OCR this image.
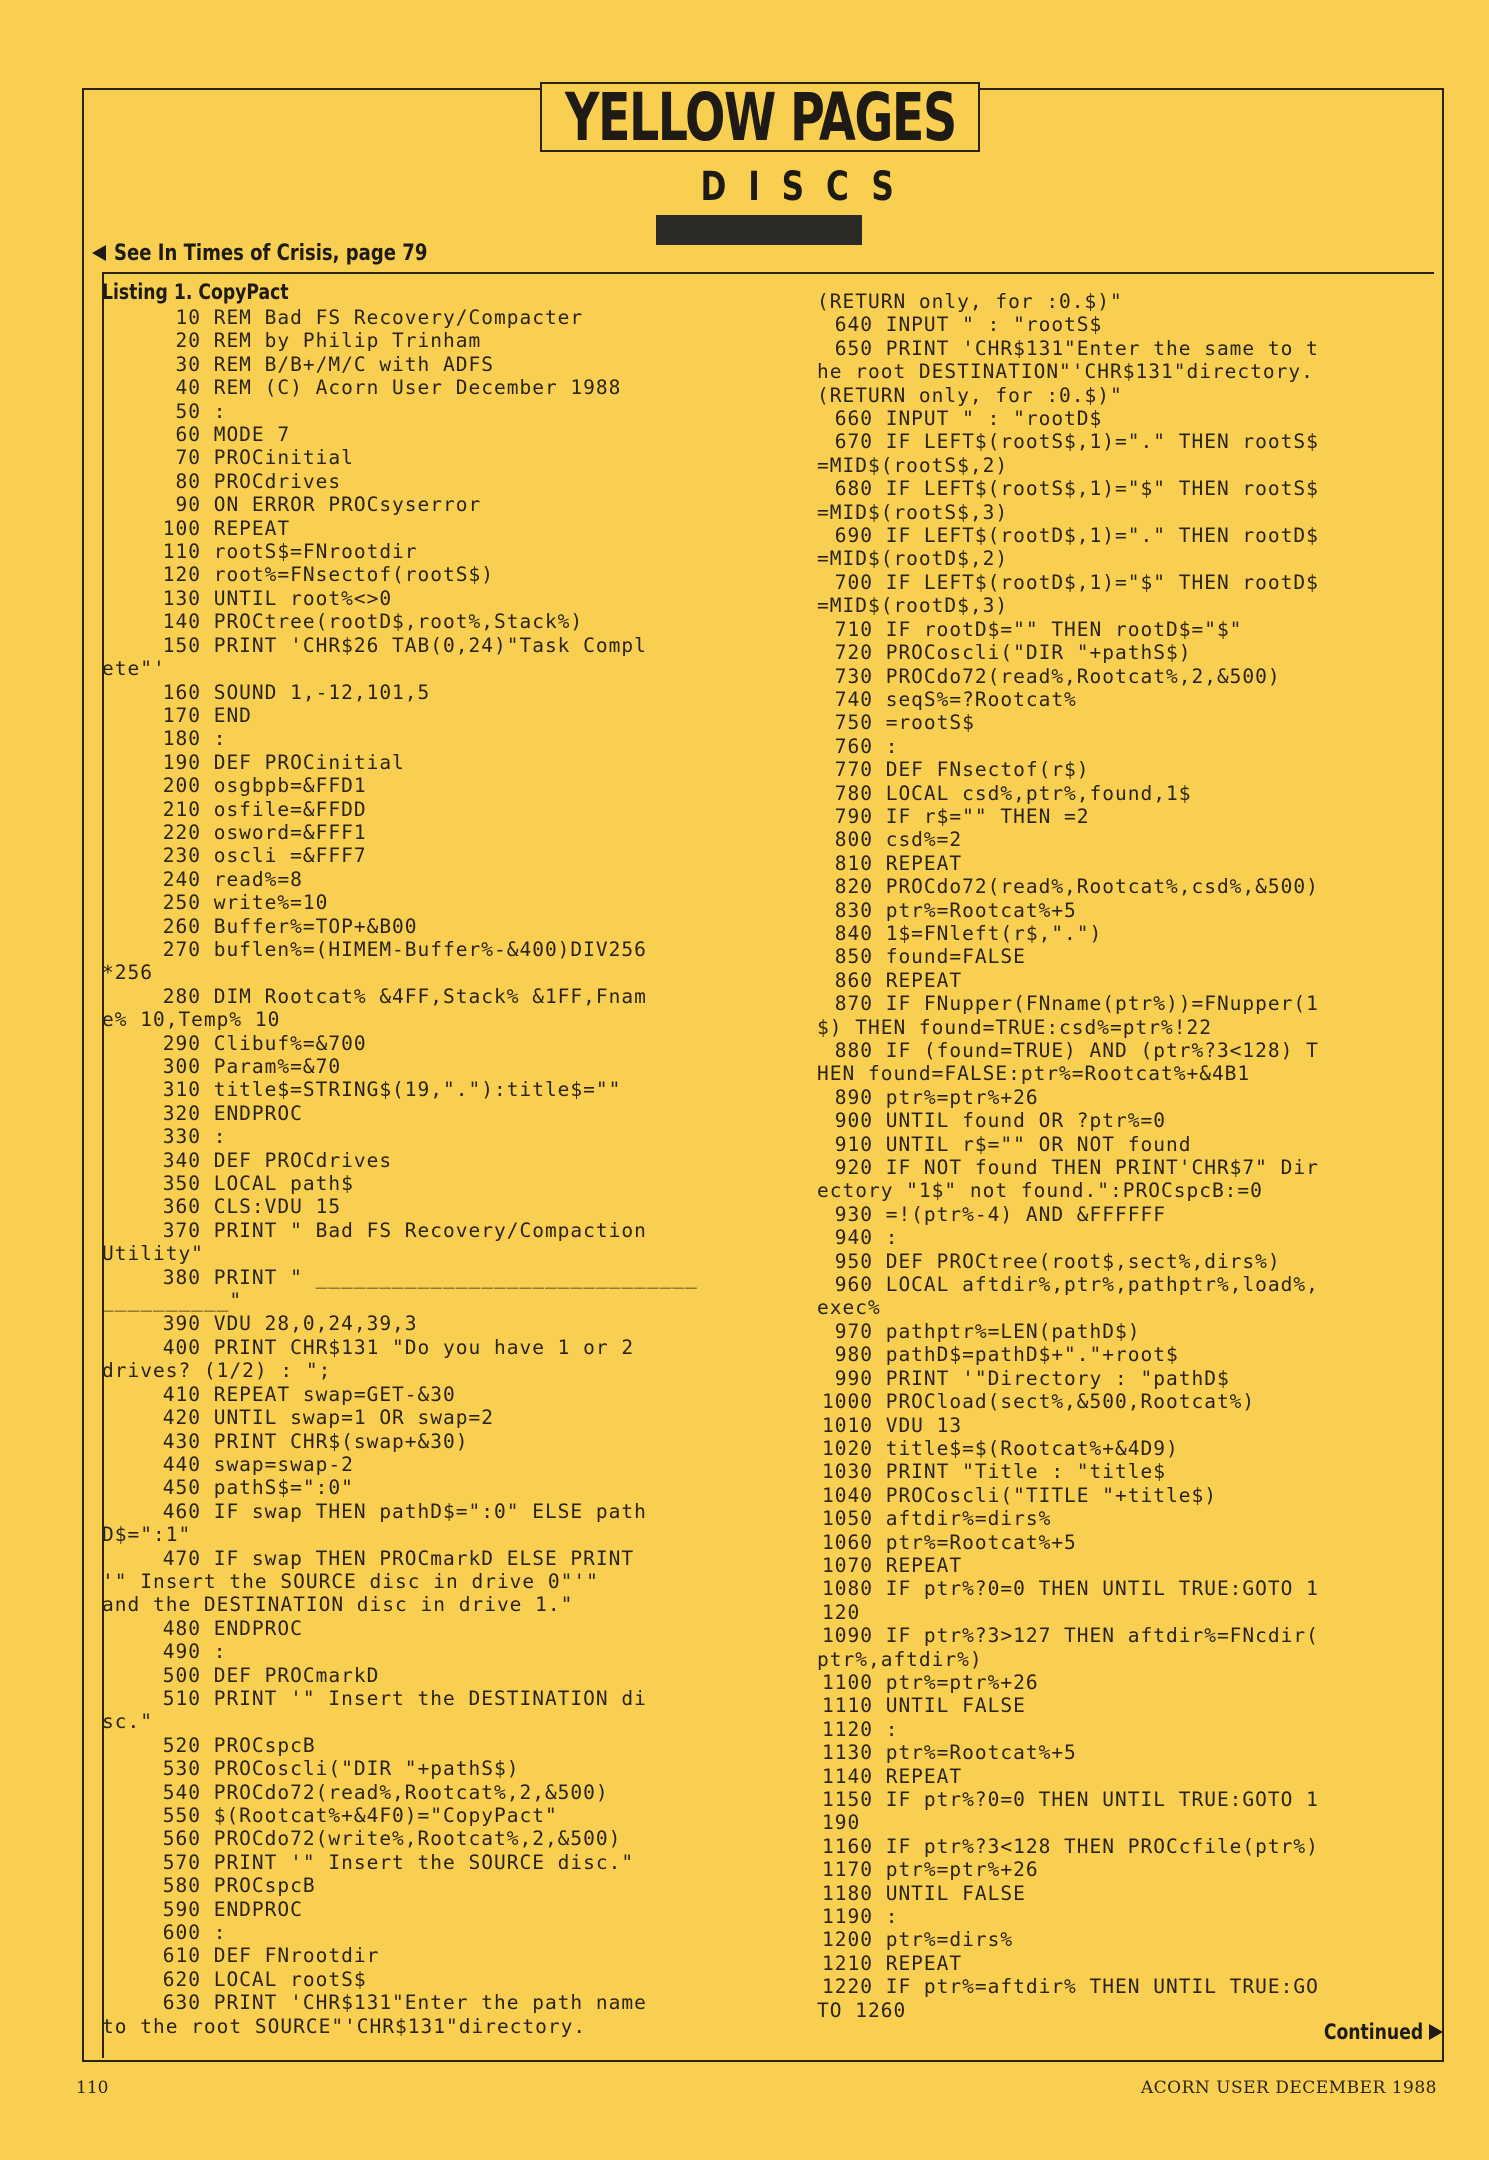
YELLOW PAGES
DISCS
See In Times of Crisis, page 79
Listing 1. CopyPact
10 REM Bad FS Recovery/Compacter
20 REM by Philip Trinham
30 REM B/B+/M/C with ADFS
40 REM (C) Acorn User December 1988
50 :
60 MODE 7
70 PROCinitial
80 PROCdrives
90 ON ERROR PROCsyserror
100 REPEAT
110 rootS$=FNrootdir
120 root%=FNsectof(rootS$)
130 UNTIL root%<>0
140 PROCtree(rootD$,root%,Stack%)
150 PRINT 'CHR$26 TAB(0,24)"Task Compl
ete"'
160 SOUND 1,-12,101,5
170 END
180 :
190 DEF PROCinitial
200 osgbpb=&FFD1
210 osfile=&FFDD
220 osword=&FFF1
230 oscli =&FFF7
240 read%=8
250 write%=10
260 Buffer%=TOP+&B00
270 buflen%=(HIMEM-Buffer%-&400)DIV256
*256
280 DIM Rootcat% &4FF,Stack% &1FF,Fnam
e% 10,Temp% 10
290 Clibuf%=&700
300 Param%=&70
310 title$=STRING$(19,"."):title$=""
320 ENDPROC
330 :
340 DEF PROCdrives
350 LOCAL path$
360 CLS:VDU 15
370 PRINT " Bad FS Recovery/Compaction
Utility"
380 PRINT " ______________________________
__________"
390 VDU 28,0,24,39,3
400 PRINT CHR$131 "Do you have 1 or 2
drives? (1/2) : ";
410 REPEAT swap=GET-&30
420 UNTIL swap=1 OR swap=2
430 PRINT CHR$(swap+&30)
440 swap=swap-2
450 pathS$=":0"
460 IF swap THEN pathD$=":0" ELSE path
D$=":1"
470 IF swap THEN PROCmarkD ELSE PRINT
'" Insert the SOURCE disc in drive 0"'"
and the DESTINATION disc in drive 1."
480 ENDPROC
490 :
500 DEF PROCmarkD
510 PRINT '" Insert the DESTINATION di
sc."
520 PROCspcB
530 PROCoscli("DIR "+pathS$)
540 PROCdo72(read%,Rootcat%,2,&500)
550 $(Rootcat%+&4F0)="CopyPact"
560 PROCdo72(write%,Rootcat%,2,&500)
570 PRINT '" Insert the SOURCE disc."
580 PROCspcB
590 ENDPROC
600 :
610 DEF FNrootdir
620 LOCAL rootS$
630 PRINT 'CHR$131"Enter the path name
to the root SOURCE"'CHR$131"directory.
(RETURN only, for :0.$)"
640 INPUT " : "rootS$
650 PRINT 'CHR$131"Enter the same to t
he root DESTINATION"'CHR$131"directory.
(RETURN only, for :0.$)"
660 INPUT " : "rootD$
670 IF LEFT$(rootS$,1)="." THEN rootS$
=MID$(rootS$,2)
680 IF LEFT$(rootS$,1)="$" THEN rootS$
=MID$(rootS$,3)
690 IF LEFT$(rootD$,1)="." THEN rootD$
=MID$(rootD$,2)
700 IF LEFT$(rootD$,1)="$" THEN rootD$
=MID$(rootD$,3)
710 IF rootD$="" THEN rootD$="$"
720 PROCoscli("DIR "+pathS$)
730 PROCdo72(read%,Rootcat%,2,&500)
740 seqS%=?Rootcat%
750 =rootS$
760 :
770 DEF FNsectof(r$)
780 LOCAL csd%,ptr%,found,1$
790 IF r$="" THEN =2
800 csd%=2
810 REPEAT
820 PROCdo72(read%,Rootcat%,csd%,&500)
830 ptr%=Rootcat%+5
840 1$=FNleft(r$,".")
850 found=FALSE
860 REPEAT
870 IF FNupper(FNname(ptr%))=FNupper(1
$) THEN found=TRUE:csd%=ptr%!22
880 IF (found=TRUE) AND (ptr%?3<128) T
HEN found=FALSE:ptr%=Rootcat%+&4B1
890 ptr%=ptr%+26
900 UNTIL found OR ?ptr%=0
910 UNTIL r$="" OR NOT found
920 IF NOT found THEN PRINT'CHR$7" Dir
ectory "1$" not found.":PROCspcB:=0
930 =!(ptr%-4) AND &FFFFFF
940 :
950 DEF PROCtree(root$,sect%,dirs%)
960 LOCAL aftdir%,ptr%,pathptr%,load%,
exec%
970 pathptr%=LEN(pathD$)
980 pathD$=pathD$+"."+root$
990 PRINT '"Directory : "pathD$
1000 PROCload(sect%,&500,Rootcat%)
1010 VDU 13
1020 title$=$(Rootcat%+&4D9)
1030 PRINT "Title : "title$
1040 PROCoscli("TITLE "+title$)
1050 aftdir%=dirs%
1060 ptr%=Rootcat%+5
1070 REPEAT
1080 IF ptr%?0=0 THEN UNTIL TRUE:GOTO 1
120
1090 IF ptr%?3>127 THEN aftdir%=FNcdir(
ptr%,aftdir%)
1100 ptr%=ptr%+26
1110 UNTIL FALSE
1120 :
1130 ptr%=Rootcat%+5
1140 REPEAT
1150 IF ptr%?0=0 THEN UNTIL TRUE:GOTO 1
190
1160 IF ptr%?3<128 THEN PROCcfile(ptr%)
1170 ptr%=ptr%+26
1180 UNTIL FALSE
1190 :
1200 ptr%=dirs%
1210 REPEAT
1220 IF ptr%=aftdir% THEN UNTIL TRUE:GO
TO 1260
Continued
110	ACORN USER DECEMBER 1988
